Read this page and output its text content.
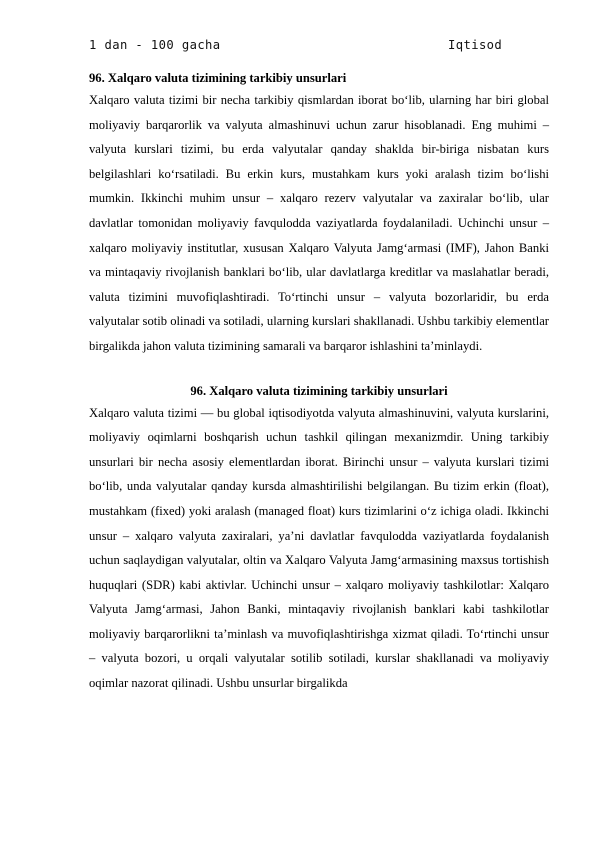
1 dan - 100 gacha	Iqtisod
96. Xalqaro valuta tizimining tarkibiy unsurlari

Xalqaro valuta tizimi bir necha tarkibiy qismlardan iborat bo‘lib, ularning har biri global moliyaviy barqarorlik va valyuta almashinuvi uchun zarur hisoblanadi. Eng muhimi – valyuta kurslari tizimi, bu erda valyutalar qanday shaklda bir-biriga nisbatan kurs belgilashlari ko‘rsatiladi. Bu erkin kurs, mustahkam kurs yoki aralash tizim bo‘lishi mumkin. Ikkinchi muhim unsur – xalqaro rezerv valyutalar va zaxiralar bo‘lib, ular davlatlar tomonidan moliyaviy favqulodda vaziyatlarda foydalaniladi. Uchinchi unsur – xalqaro moliyaviy institutlar, xususan Xalqaro Valyuta Jamg‘armasi (IMF), Jahon Banki va mintaqaviy rivojlanish banklari bo‘lib, ular davlatlarga kreditlar va maslahatlar beradi, valuta tizimini muvofiqlashtiradi. To‘rtinchi unsur – valyuta bozorlaridir, bu erda valyutalar sotib olinadi va sotiladi, ularning kurslari shakllanadi. Ushbu tarkibiy elementlar birgalikda jahon valuta tizimining samarali va barqaror ishlashini ta’minlaydi.

96. Xalqaro valuta tizimining tarkibiy unsurlari

Xalqaro valuta tizimi — bu global iqtisodiyotda valyuta almashinuvini, valyuta kurslarini, moliyaviy oqimlarni boshqarish uchun tashkil qilingan mexanizmdir. Uning tarkibiy unsurlari bir necha asosiy elementlardan iborat. Birinchi unsur – valyuta kurslari tizimi bo‘lib, unda valyutalar qanday kursda almashtirilishi belgilangan. Bu tizim erkin (float), mustahkam (fixed) yoki aralash (managed float) kurs tizimlarini o‘z ichiga oladi. Ikkinchi unsur – xalqaro valyuta zaxiralari, ya’ni davlatlar favqulodda vaziyatlarda foydalanish uchun saqlaydigan valyutalar, oltin va Xalqaro Valyuta Jamg‘armasining maxsus tortishish huquqlari (SDR) kabi aktivlar. Uchinchi unsur – xalqaro moliyaviy tashkilotlar: Xalqaro Valyuta Jamg‘armasi, Jahon Banki, mintaqaviy rivojlanish banklari kabi tashkilotlar moliyaviy barqarorlikni ta’minlash va muvofiqlashtirishga xizmat qiladi. To‘rtinchi unsur – valyuta bozori, u orqali valyutalar sotilib sotiladi, kurslar shakllanadi va moliyaviy oqimlar nazorat qilinadi. Ushbu unsurlar birgalikda
